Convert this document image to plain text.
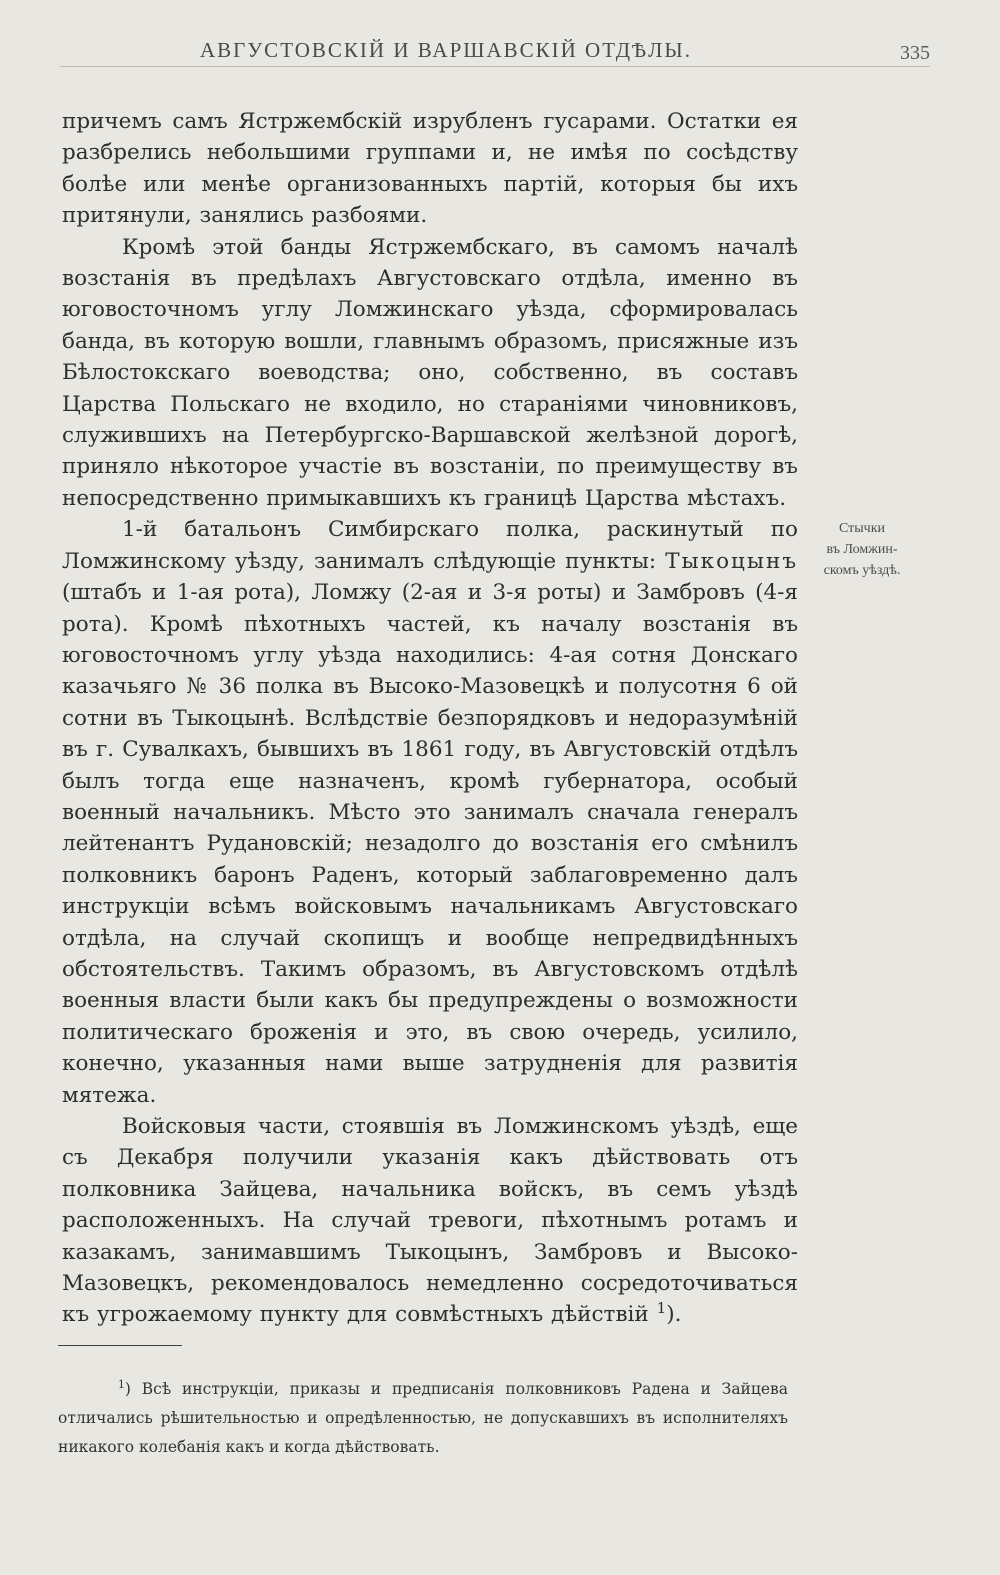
АВГУСТОВСКІЙ И ВАРШАВСКІЙ ОТДѢЛЫ.	335

причемъ самъ Ястржембскій изрубленъ гусарами. Остатки ея разбрелись небольшими группами и, не имѣя по сосѣдству болѣе или менѣе организованныхъ партій, которыя бы ихъ притянули, занялись разбоями.

Кромѣ этой банды Ястржембскаго, въ самомъ началѣ возстанія въ предѣлахъ Августовскаго отдѣла, именно въ юговосточномъ углу Ломжинскаго уѣзда, сформировалась банда, въ которую вошли, главнымъ образомъ, присяжные изъ Бѣлостокскаго воеводства; оно, собственно, въ составъ Царства Польскаго не входило, но стараніями чиновниковъ, служившихъ на Петербургско-Варшавской желѣзной дорогѣ, приняло нѣкоторое участіе въ возстаніи, по преимуществу въ непосредственно примыкавшихъ къ границѣ Царства мѣстахъ.

1-й батальонъ Симбирскаго полка, раскинутый по Ломжинскому уѣзду, занималъ слѣдующіе пункты: Тыкоцынъ (штабъ и 1-ая рота), Ломжу (2-ая и 3-я роты) и Замбровъ (4-я рота). Кромѣ пѣхотныхъ частей, къ началу возстанія въ юговосточномъ углу уѣзда находились: 4-ая сотня Донскаго казачьяго № 36 полка въ Высоко-Мазовецкѣ и полусотня 6 ой сотни въ Тыкоцынѣ. Вслѣдствіе безпорядковъ и недоразумѣній въ г. Сувалкахъ, бывшихъ въ 1861 году, въ Августовскій отдѣлъ былъ тогда еще назначенъ, кромѣ губернатора, особый военный начальникъ. Мѣсто это занималъ сначала генералъ лейтенантъ Рудановскій; незадолго до возстанія его смѣнилъ полковникъ баронъ Раденъ, который заблаговременно далъ инструкціи всѣмъ войсковымъ начальникамъ Августовскаго отдѣла, на случай скопищъ и вообще непредвидѣнныхъ обстоятельствъ. Такимъ образомъ, въ Августовскомъ отдѣлѣ военныя власти были какъ бы предупреждены о возможности политическаго броженія и это, въ свою очередь, усилило, конечно, указанныя нами выше затрудненія для развитія мятежа.

Войсковыя части, стоявшія въ Ломжинскомъ уѣздѣ, еще съ Декабря получили указанія какъ дѣйствовать отъ полковника Зайцева, начальника войскъ, въ семъ уѣздѣ расположенныхъ. На случай тревоги, пѣхотнымъ ротамъ и казакамъ, занимавшимъ Тыкоцынъ, Замбровъ и Высоко-Мазовецкъ, рекомендовалось немедленно сосредоточиваться къ угрожаемому пункту для совмѣстныхъ дѣйствій $^1$).

Стычки
въ Ломжин-
скомъ уѣздѣ.

$^1$) Всѣ инструкціи, приказы и предписанія полковниковъ Радена и Зайцева отличались рѣшительностью и опредѣленностью, не допускавшихъ въ исполнителяхъ никакого колебанія какъ и когда дѣйствовать.
